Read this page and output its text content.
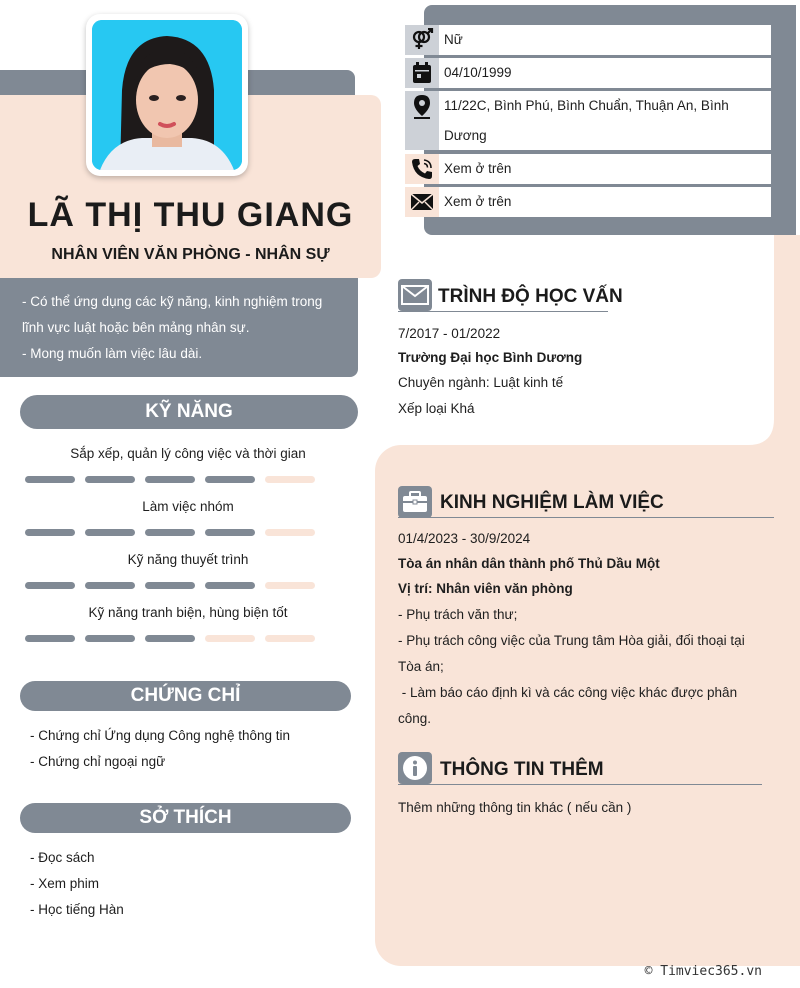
LÃ THỊ THU GIANG
NHÂN VIÊN VĂN PHÒNG - NHÂN SỰ

- Có thể ứng dụng các kỹ năng, kinh nghiệm trong

lĩnh vực luật hoặc bên mảng nhân sự.

- Mong muốn làm việc lâu dài.

KỸ NĂNG
Sắp xếp, quản lý công việc và thời gian
Làm việc nhóm
Kỹ năng thuyết trình
Kỹ năng tranh biện, hùng biện tốt
CHỨNG CHỈ
- Chứng chỉ Ứng dụng Công nghệ thông tin
- Chứng chỉ ngoại ngữ
SỞ THÍCH
- Đọc sách
- Xem phim
- Học tiếng Hàn
Nữ
04/10/1999
11/22C, Bình Phú, Bình Chuẩn, Thuận An, Bình
Dương
Xem ở trên
Xem ở trên
TRÌNH ĐỘ HỌC VẤN
7/2017 - 01/2022
Trường Đại học Bình Dương
Chuyên ngành: Luật kinh tế
Xếp loại Khá
KINH NGHIỆM LÀM VIỆC
01/4/2023 - 30/9/2024
Tòa án nhân dân thành phố Thủ Dầu Một
Vị trí: Nhân viên văn phòng
- Phụ trách văn thư;
- Phụ trách công việc của Trung tâm Hòa giải, đối thoại tại
Tòa án;
- Làm báo cáo định kì và các công việc khác được phân
công.
THÔNG TIN THÊM
Thêm những thông tin khác ( nếu cần )
© Timviec365.vn
